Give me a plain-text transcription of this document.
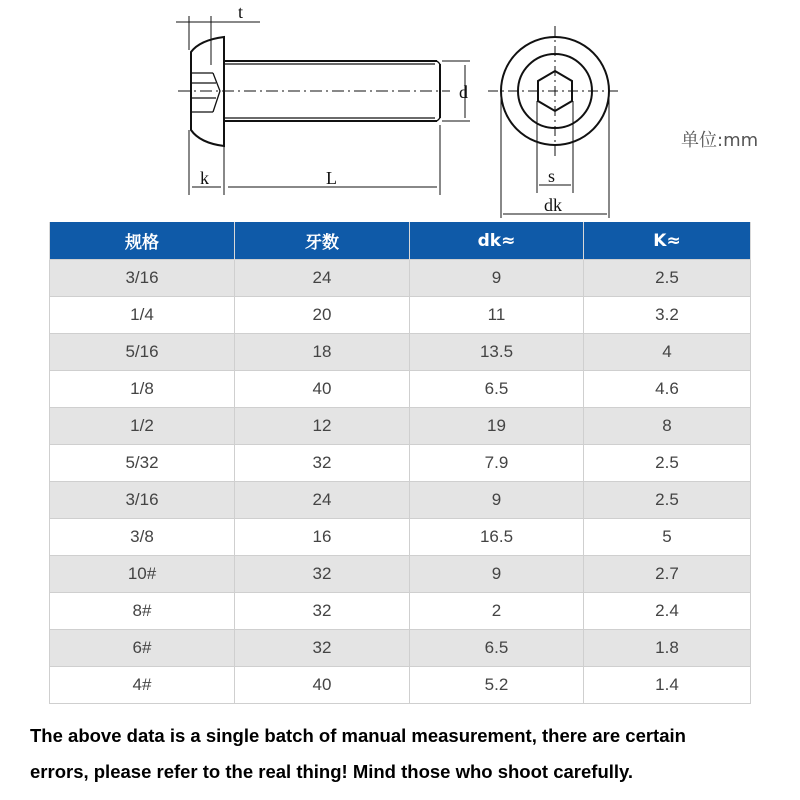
t
d
k	L	s
dk
单位:mm
规格	牙数	dk≈	K≈
3/16	24	9	2.5
1/4	20	11	3.2
5/16	18	13.5	4
1/8	40	6.5	4.6
1/2	12	19	8
5/32	32	7.9	2.5
3/16	24	9	2.5
3/8	16	16.5	5
10#	32	9	2.7
8#	32	2	2.4
6#	32	6.5	1.8
4#	40	5.2	1.4
The above data is a single batch of manual measurement, there are certain
errors, please refer to the real thing! Mind those who shoot carefully.
